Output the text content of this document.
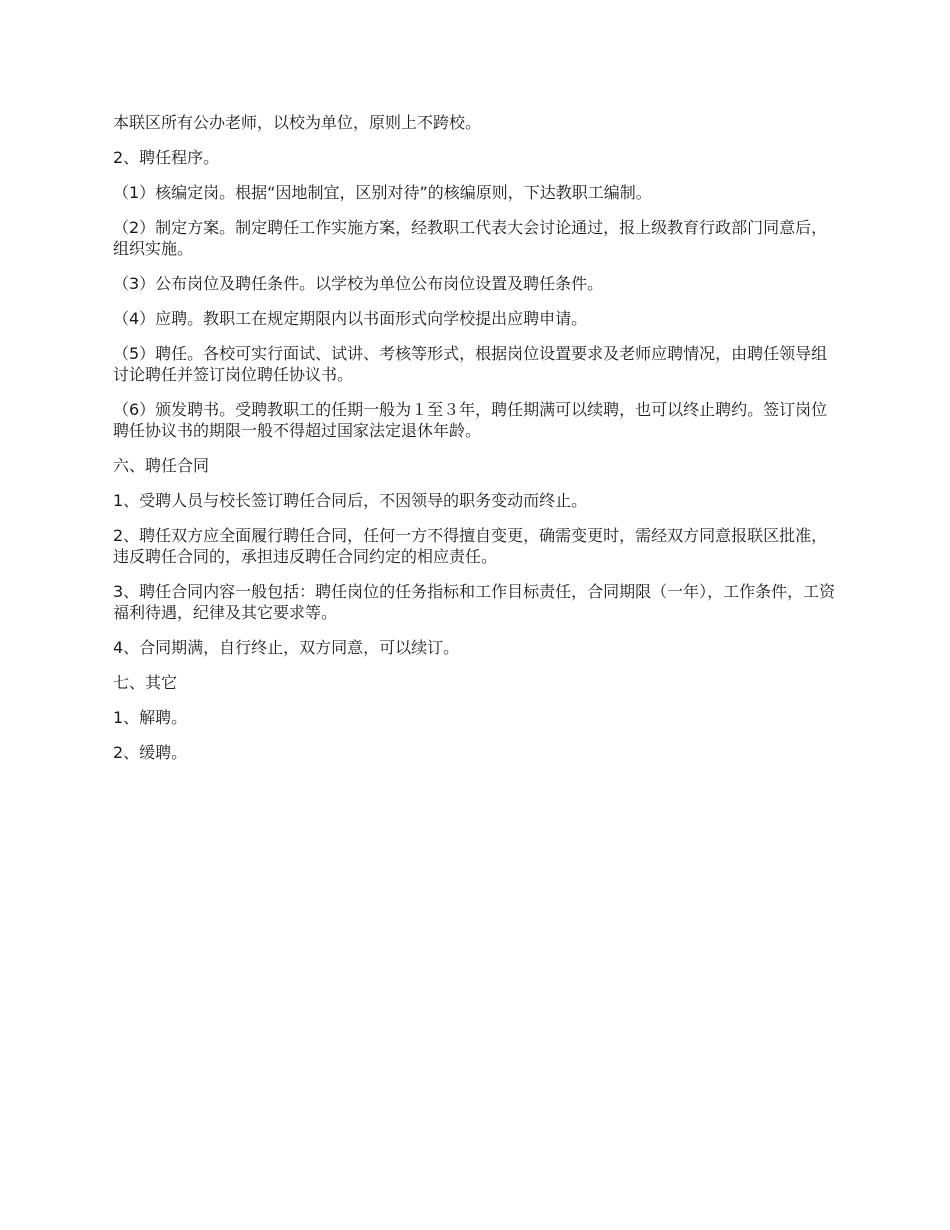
本联区所有公办老师，以校为单位，原则上不跨校。

2、聘任程序。

（1）核编定岗。根据“因地制宜，区别对待”的核编原则，下达教职工编制。

（2）制定方案。制定聘任工作实施方案，经教职工代表大会讨论通过，报上级教育行政部门同意后，组织实施。

（3）公布岗位及聘任条件。以学校为单位公布岗位设置及聘任条件。

（4）应聘。教职工在规定期限内以书面形式向学校提出应聘申请。

（5）聘任。各校可实行面试、试讲、考核等形式，根据岗位设置要求及老师应聘情况，由聘任领导组讨论聘任并签订岗位聘任协议书。

（6）颁发聘书。受聘教职工的任期一般为１至３年，聘任期满可以续聘，也可以终止聘约。签订岗位聘任协议书的期限一般不得超过国家法定退休年龄。

六、聘任合同

1、受聘人员与校长签订聘任合同后，不因领导的职务变动而终止。

2、聘任双方应全面履行聘任合同，任何一方不得擅自变更，确需变更时，需经双方同意报联区批准，违反聘任合同的，承担违反聘任合同约定的相应责任。

3、聘任合同内容一般包括：聘任岗位的任务指标和工作目标责任，合同期限（一年），工作条件，工资福利待遇，纪律及其它要求等。

4、合同期满，自行终止，双方同意，可以续订。

七、其它

1、解聘。

2、缓聘。
